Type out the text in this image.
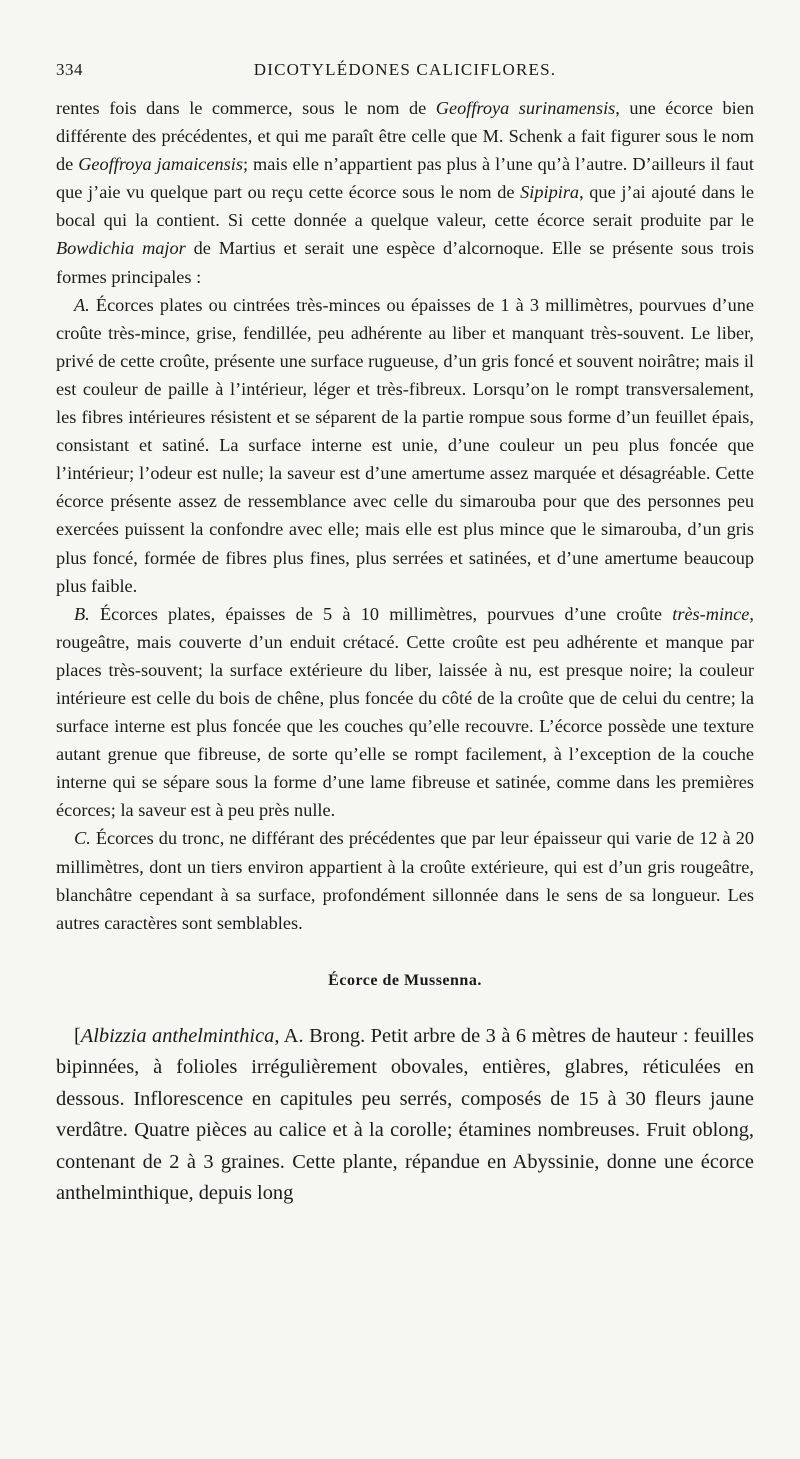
334	DICOTYLÉDONES CALICIFLORES.

rentes fois dans le commerce, sous le nom de Geoffroya surinamensis, une écorce bien différente des précédentes, et qui me paraît être celle que M. Schenk a fait figurer sous le nom de Geoffroya jamaicensis; mais elle n’appartient pas plus à l’une qu’à l’autre. D’ailleurs il faut que j’aie vu quelque part ou reçu cette écorce sous le nom de Sipipira, que j’ai ajouté dans le bocal qui la contient. Si cette donnée a quelque valeur, cette écorce serait produite par le Bowdichia major de Martius et serait une espèce d’alcornoque. Elle se présente sous trois formes principales :

A. Écorces plates ou cintrées très-minces ou épaisses de 1 à 3 millimètres, pourvues d’une croûte très-mince, grise, fendillée, peu adhérente au liber et manquant très-souvent. Le liber, privé de cette croûte, présente une surface rugueuse, d’un gris foncé et souvent noirâtre; mais il est couleur de paille à l’intérieur, léger et très-fibreux. Lorsqu’on le rompt transversalement, les fibres intérieures résistent et se séparent de la partie rompue sous forme d’un feuillet épais, consistant et satiné. La surface interne est unie, d’une couleur un peu plus foncée que l’intérieur; l’odeur est nulle; la saveur est d’une amertume assez marquée et désagréable. Cette écorce présente assez de ressemblance avec celle du simarouba pour que des personnes peu exercées puissent la confondre avec elle; mais elle est plus mince que le simarouba, d’un gris plus foncé, formée de fibres plus fines, plus serrées et satinées, et d’une amertume beaucoup plus faible.

B. Écorces plates, épaisses de 5 à 10 millimètres, pourvues d’une croûte très-mince, rougeâtre, mais couverte d’un enduit crétacé. Cette croûte est peu adhérente et manque par places très-souvent; la surface extérieure du liber, laissée à nu, est presque noire; la couleur intérieure est celle du bois de chêne, plus foncée du côté de la croûte que de celui du centre; la surface interne est plus foncée que les couches qu’elle recouvre. L’écorce possède une texture autant grenue que fibreuse, de sorte qu’elle se rompt facilement, à l’exception de la couche interne qui se sépare sous la forme d’une lame fibreuse et satinée, comme dans les premières écorces; la saveur est à peu près nulle.

C. Écorces du tronc, ne différant des précédentes que par leur épaisseur qui varie de 12 à 20 millimètres, dont un tiers environ appartient à la croûte extérieure, qui est d’un gris rougeâtre, blanchâtre cependant à sa surface, profondément sillonnée dans le sens de sa longueur. Les autres caractères sont semblables.

Écorce de Mussenna.

[Albizzia anthelminthica, A. Brong. Petit arbre de 3 à 6 mètres de hauteur : feuilles bipinnées, à folioles irrégulièrement obovales, entières, glabres, réticulées en dessous. Inflorescence en capitules peu serrés, composés de 15 à 30 fleurs jaune verdâtre. Quatre pièces au calice et à la corolle; étamines nombreuses. Fruit oblong, contenant de 2 à 3 graines. Cette plante, répandue en Abyssinie, donne une écorce anthelminthique, depuis long
